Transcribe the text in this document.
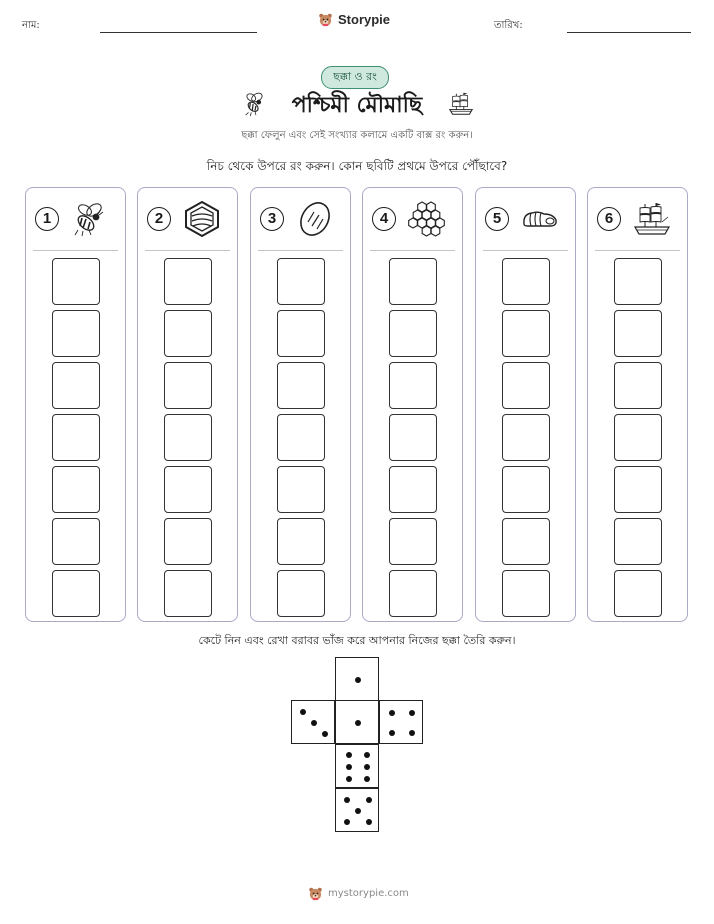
নাম:	Storypie	তারিখ:
ছক্কা ও রং
পশ্চিমী মৌমাছি
ছক্কা ফেলুন এবং সেই সংখ্যার কলামে একটি বাক্স রং করুন।
নিচ থেকে উপরে রং করুন। কোন ছবিটি প্রথমে উপরে পৌঁছাবে?
1	2	3	4	5	6
কেটে নিন এবং রেখা বরাবর ভাঁজ করে আপনার নিজের ছক্কা তৈরি করুন।
mystorypie.com
